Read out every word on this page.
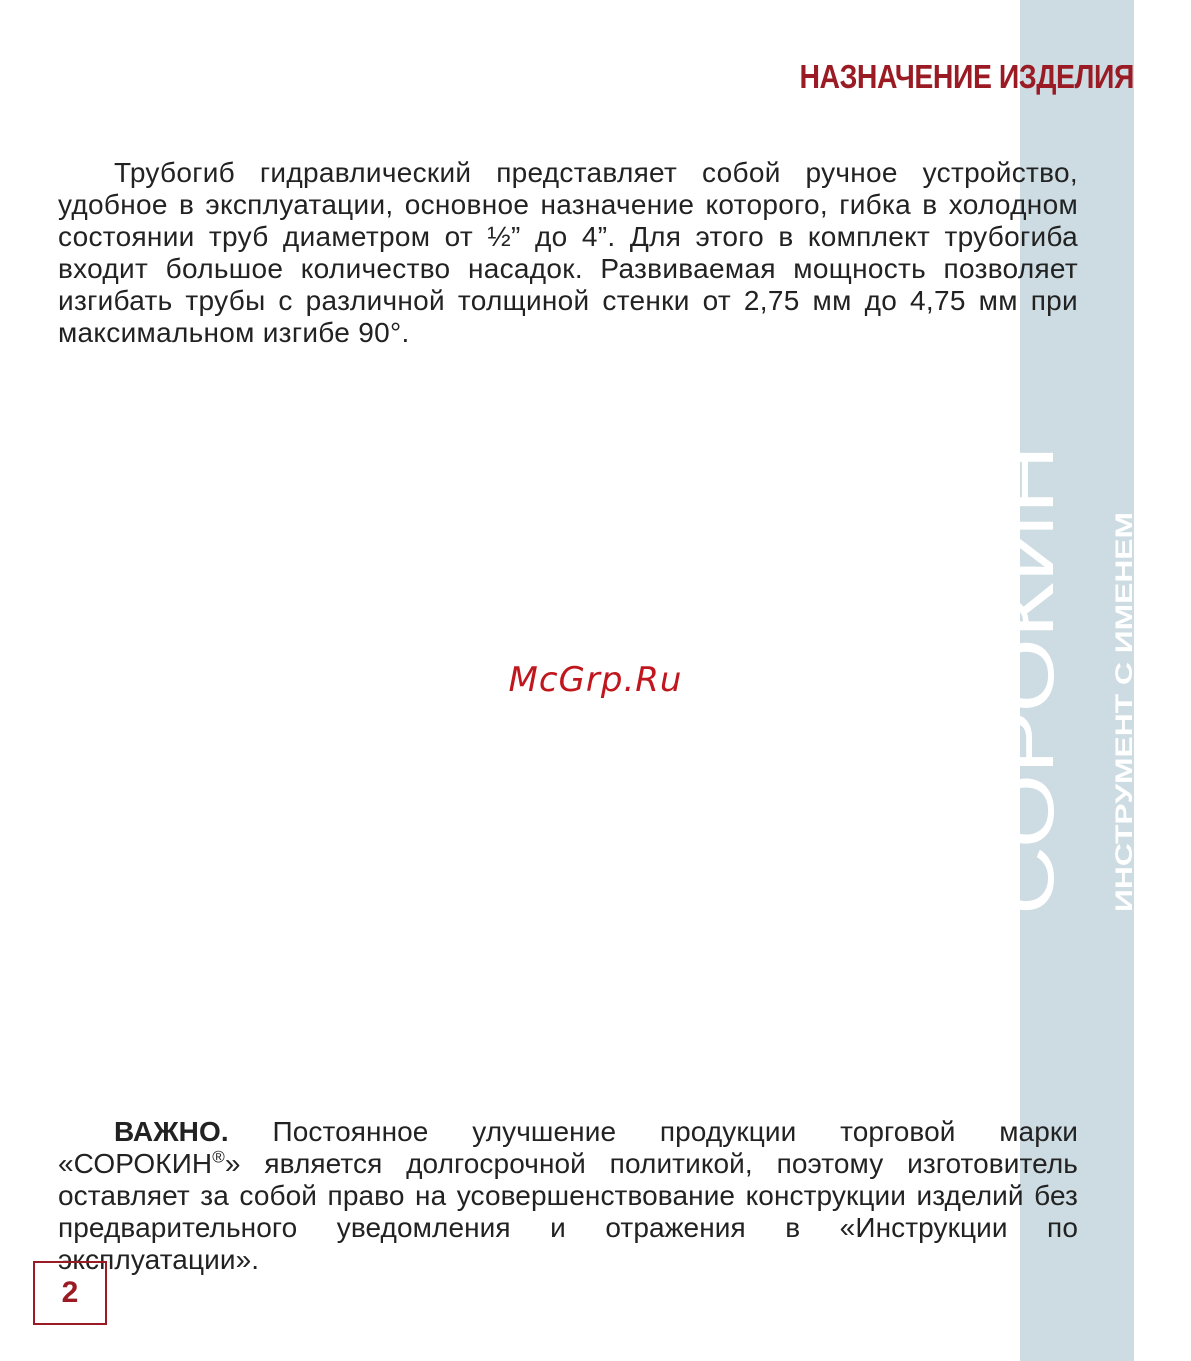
СОРОКИН ИНСТРУМЕНТ С ИМЕНЕМ
®
НАЗНАЧЕНИЕ ИЗДЕЛИЯ

Трубогиб гидравлический представляет собой ручное устройство, удобное в эксплуатации, основное назначение которого, гибка в холодном состоянии труб диаметром от ½” до 4”. Для этого в комплект трубогиба входит большое количество насадок. Развиваемая мощность позволяет изгибать трубы с различной толщиной стенки от 2,75 мм до 4,75 мм при максимальном изгибе 90°.

McGrp.Ru

ВАЖНО. Постоянное улучшение продукции торговой марки «СОРОКИН®» является долгосрочной политикой, поэтому изготовитель оставляет за собой право на усовершенствование конструкции изделий без предварительного уведомления и отражения в «Инструкции по эксплуатации».

2
